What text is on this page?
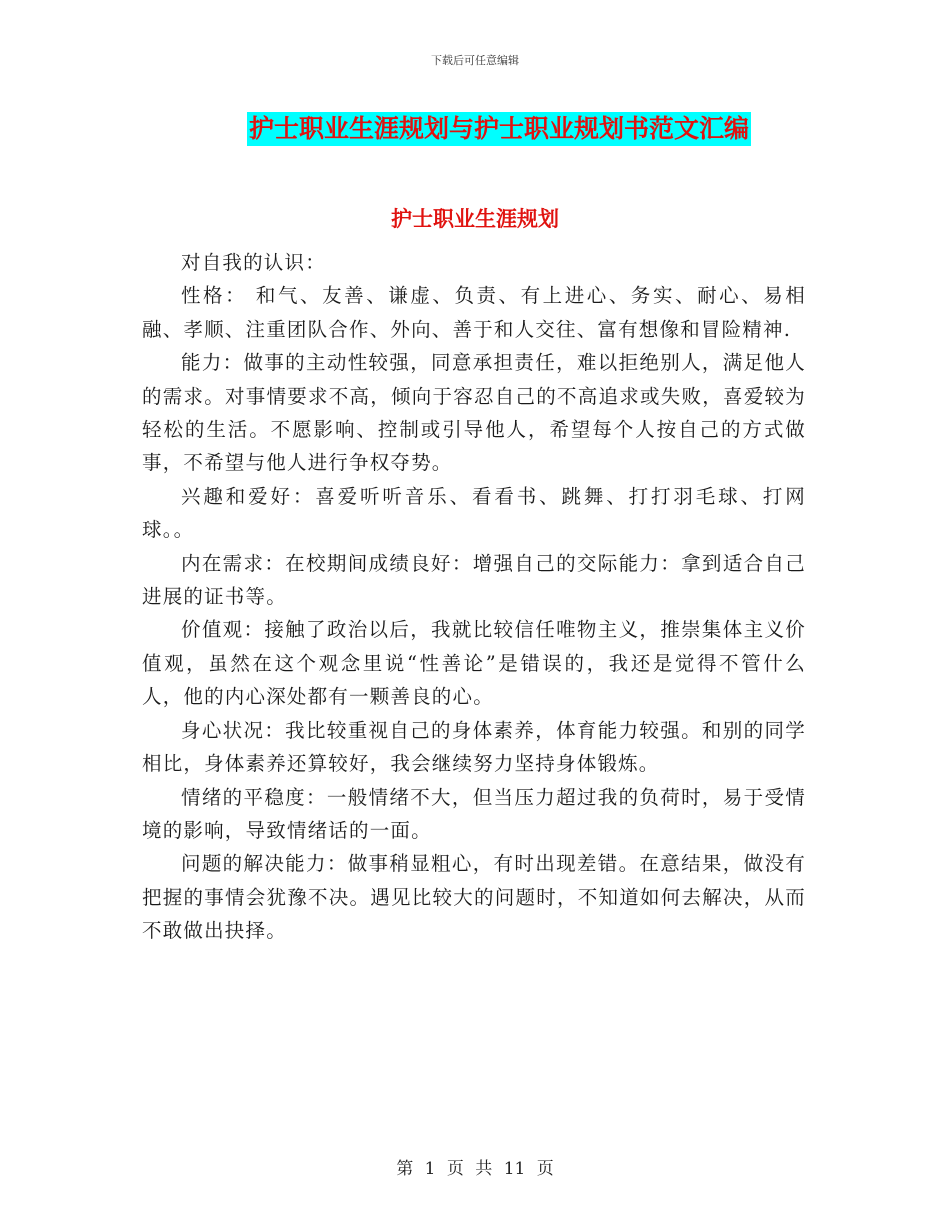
下载后可任意编辑
护士职业生涯规划与护士职业规划书范文汇编
护士职业生涯规划

对自我的认识：

性格： 和气、友善、谦虚、负责、有上进心、务实、耐心、易相融、孝顺、注重团队合作、外向、善于和人交往、富有想像和冒险精神.

能力：做事的主动性较强，同意承担责任，难以拒绝别人，满足他人的需求。对事情要求不高，倾向于容忍自己的不高追求或失败，喜爱较为轻松的生活。不愿影响、控制或引导他人，希望每个人按自己的方式做事，不希望与他人进行争权夺势。

兴趣和爱好：喜爱听听音乐、看看书、跳舞、打打羽毛球、打网球。。

内在需求：在校期间成绩良好：增强自己的交际能力：拿到适合自己进展的证书等。

价值观：接触了政治以后，我就比较信任唯物主义，推崇集体主义价值观，虽然在这个观念里说“性善论”是错误的，我还是觉得不管什么人，他的内心深处都有一颗善良的心。

身心状况：我比较重视自己的身体素养，体育能力较强。和别的同学相比，身体素养还算较好，我会继续努力坚持身体锻炼。

情绪的平稳度：一般情绪不大，但当压力超过我的负荷时，易于受情境的影响，导致情绪话的一面。

问题的解决能力：做事稍显粗心，有时出现差错。在意结果，做没有把握的事情会犹豫不决。遇见比较大的问题时，不知道如何去解决，从而不敢做出抉择。

第 1 页 共 11 页
